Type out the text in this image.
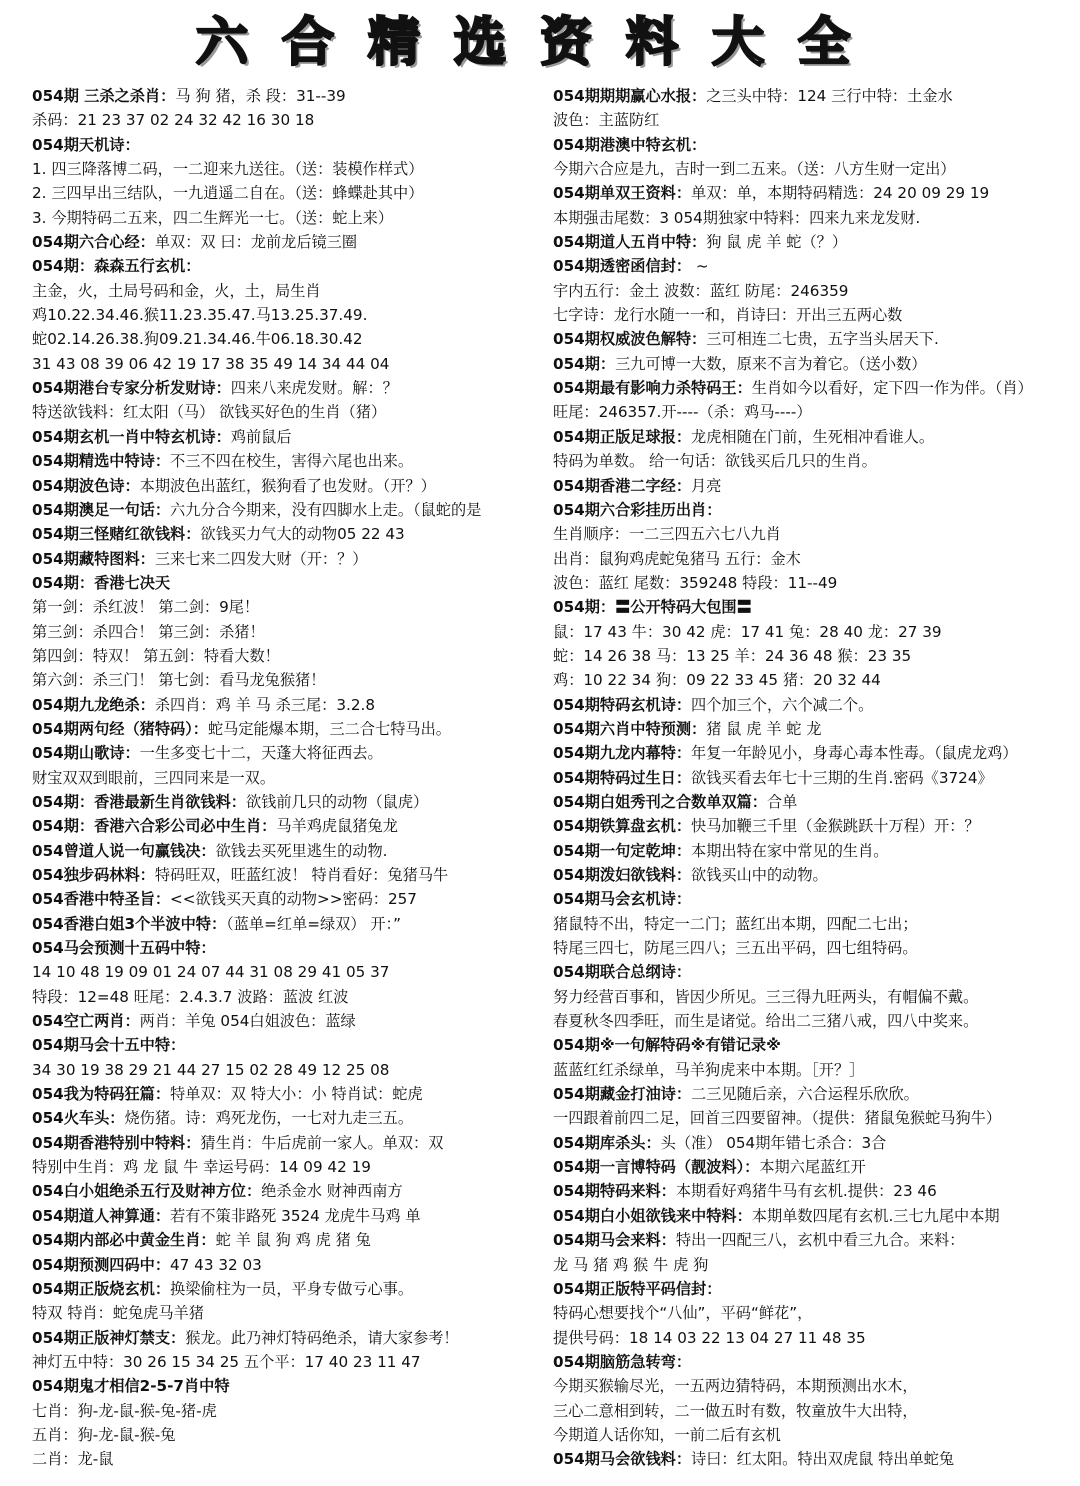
六合精选资料大全
054期 三杀之杀肖：马 狗 猪，杀 段：31--39
杀码：21 23 37 02 24 32 42 16 30 18
054期天机诗：
1. 四三降落博二码，一二迎来九送往。（送：装模作样式）
2. 三四早出三结队，一九逍遥二自在。（送：蜂蝶赴其中）
3. 今期特码二五来，四二生辉光一七。（送：蛇上来）
054期六合心经：单双：双 曰：龙前龙后镜三圈
054期：森森五行玄机：
主金，火，土局号码和金，火，土，局生肖
鸡10.22.34.46.猴11.23.35.47.马13.25.37.49.
蛇02.14.26.38.狗09.21.34.46.牛06.18.30.42
31 43 08 39 06 42 19 17 38 35 49 14 34 44 04
054期港台专家分析发财诗：四来八来虎发财。解：？
特送欲钱料：红太阳（马） 欲钱买好色的生肖（猪）
054期玄机一肖中特玄机诗：鸡前鼠后
054期精选中特诗：不三不四在校生，害得六尾也出来。
054期波色诗：本期波色出蓝红，猴狗看了也发财。（开？）
054期澳足一句话：六九分合今期来，没有四脚水上走。（鼠蛇的是
054期三怪赌红欲钱料：欲钱买力气大的动物05 22 43
054期藏特图料：三来七来二四发大财（开：？）
054期：香港七决天
第一剑：杀红波！ 第二剑：9尾！
第三剑：杀四合！ 第三剑：杀猪！
第四剑：特双！ 第五剑：特看大数！
第六剑：杀三门！ 第七剑：看马龙兔猴猪！
054期九龙绝杀：杀四肖：鸡 羊 马 杀三尾：3.2.8
054期两句经（猪特码）：蛇马定能爆本期，三二合七特马出。
054期山歌诗：一生多变七十二，天蓬大将征西去。
财宝双双到眼前，三四同来是一双。
054期：香港最新生肖欲钱料：欲钱前几只的动物（鼠虎）
054期：香港六合彩公司必中生肖：马羊鸡虎鼠猪兔龙
054曾道人说一句赢钱决：欲钱去买死里逃生的动物.
054独步码林料：特码旺双，旺蓝红波！ 特肖看好：兔猪马牛
054香港中特圣旨：<<欲钱买天真的动物>>密码：257
054香港白姐3个半波中特：（蓝单=红单=绿双） 开：”
054马会预测十五码中特：
14 10 48 19 09 01 24 07 44 31 08 29 41 05 37
特段：12=48 旺尾：2.4.3.7 波路：蓝波 红波
054空亡两肖：两肖：羊兔 054白姐波色：蓝绿
054期马会十五中特：
34 30 19 38 29 21 44 27 15 02 28 49 12 25 08
054我为特码狂篇：特单双：双 特大小：小 特肖试：蛇虎
054火车头：烧伤猪。诗：鸡死龙伤，一七对九走三五。
054期香港特别中特料：猜生肖：牛后虎前一家人。单双：双
特别中生肖：鸡 龙 鼠 牛 幸运号码：14 09 42 19
054白小姐绝杀五行及财神方位：绝杀金水 财神西南方
054期道人神算通：若有不策非路死 3524 龙虎牛马鸡 单
054期内部必中黄金生肖：蛇 羊 鼠 狗 鸡 虎 猪 兔
054期预测四码中：47 43 32 03
054期正版烧玄机：换梁偷柱为一员，平身专做亏心事。
特双 特肖：蛇兔虎马羊猪
054期正版神灯禁支：猴龙。此乃神灯特码绝杀，请大家参考！
神灯五中特：30 26 15 34 25 五个平：17 40 23 11 47
054期鬼才相信2-5-7肖中特
七肖：狗-龙-鼠-猴-兔-猪-虎
五肖：狗-龙-鼠-猴-兔
二肖：龙-鼠
054期期期赢心水报：之三头中特：124 三行中特：土金水
波色：主蓝防红
054期港澳中特玄机：
今期六合应是九，吉时一到二五来。（送：八方生财一定出）
054期单双王资料：单双：单，本期特码精选：24 20 09 29 19
本期强击尾数：3 054期独家中特料：四来九来龙发财.
054期道人五肖中特：狗 鼠 虎 羊 蛇（？）
054期透密函信封： ~
宇内五行：金土 波数：蓝红 防尾：246359
七字诗：龙行水随一一和，肖诗曰：开出三五两心数
054期权威波色解特：三可相连二七贵，五字当头居天下.
054期：三九可博一大数，原来不言为着它。（送小数）
054期最有影响力杀特码王：生肖如今以看好，定下四一作为伴。（肖）
旺尾：246357.开----（杀：鸡马----）
054期正版足球报：龙虎相随在门前，生死相冲看谁人。
特码为单数。 给一句话：欲钱买后几只的生肖。
054期香港二字经：月亮
054期六合彩挂历出肖：
生肖顺序：一二三四五六七八九肖
出肖：鼠狗鸡虎蛇兔猪马 五行：金木
波色：蓝红 尾数：359248 特段：11--49
054期：〓公开特码大包围〓
鼠：17 43 牛：30 42 虎：17 41 兔：28 40 龙：27 39
蛇：14 26 38 马：13 25 羊：24 36 48 猴：23 35
鸡：10 22 34 狗：09 22 33 45 猪：20 32 44
054期特码玄机诗：四个加三个，六个减二个。
054期六肖中特预测：猪 鼠 虎 羊 蛇 龙
054期九龙内幕特：年复一年龄见小，身毒心毒本性毒。（鼠虎龙鸡）
054期特码过生日：欲钱买看去年七十三期的生肖.密码《3724》
054期白姐秀刊之合数单双篇：合单
054期铁算盘玄机：快马加鞭三千里（金猴跳跃十万程）开：？
054期一句定乾坤：本期出特在家中常见的生肖。
054期泼妇欲钱料：欲钱买山中的动物。
054期马会玄机诗：
猪鼠特不出，特定一二门；蓝红出本期，四配二七出；
特尾三四七，防尾三四八；三五出平码，四七组特码。
054期联合总纲诗：
努力经营百事和，皆因少所见。三三得九旺两头，有帽偏不戴。
春夏秋冬四季旺，而生是诸觉。给出二三猪八戒，四八中奖来。
054期※一句解特码※有错记录※
蓝蓝红红杀绿单，马羊狗虎来中本期。［开？］
054期藏金打油诗：二三见随后亲，六合运程乐欣欣。
一四跟着前四二足，回首三四要留神。（提供：猪鼠兔猴蛇马狗牛）
054期库杀头：头（准） 054期年错七杀合：3合
054期一言博特码（靓波料）：本期六尾蓝红开
054期特码来料：本期看好鸡猪牛马有玄机.提供：23 46
054期白小姐欲钱来中特料：本期单数四尾有玄机.三七九尾中本期
054期马会来料：特出一四配三八，玄机中看三九合。来料：
龙 马 猪 鸡 猴 牛 虎 狗
054期正版特平码信封：
特码心想要找个“八仙”，平码“鲜花”，
提供号码：18 14 03 22 13 04 27 11 48 35
054期脑筋急转弯：
今期买猴输尽光，一五两边猜特码，本期预测出水木，
三心二意相到转，二一做五时有数，牧童放牛大出特，
今期道人话你知，一前二后有玄机
054期马会欲钱料：诗曰：红太阳。特出双虎鼠 特出单蛇兔
